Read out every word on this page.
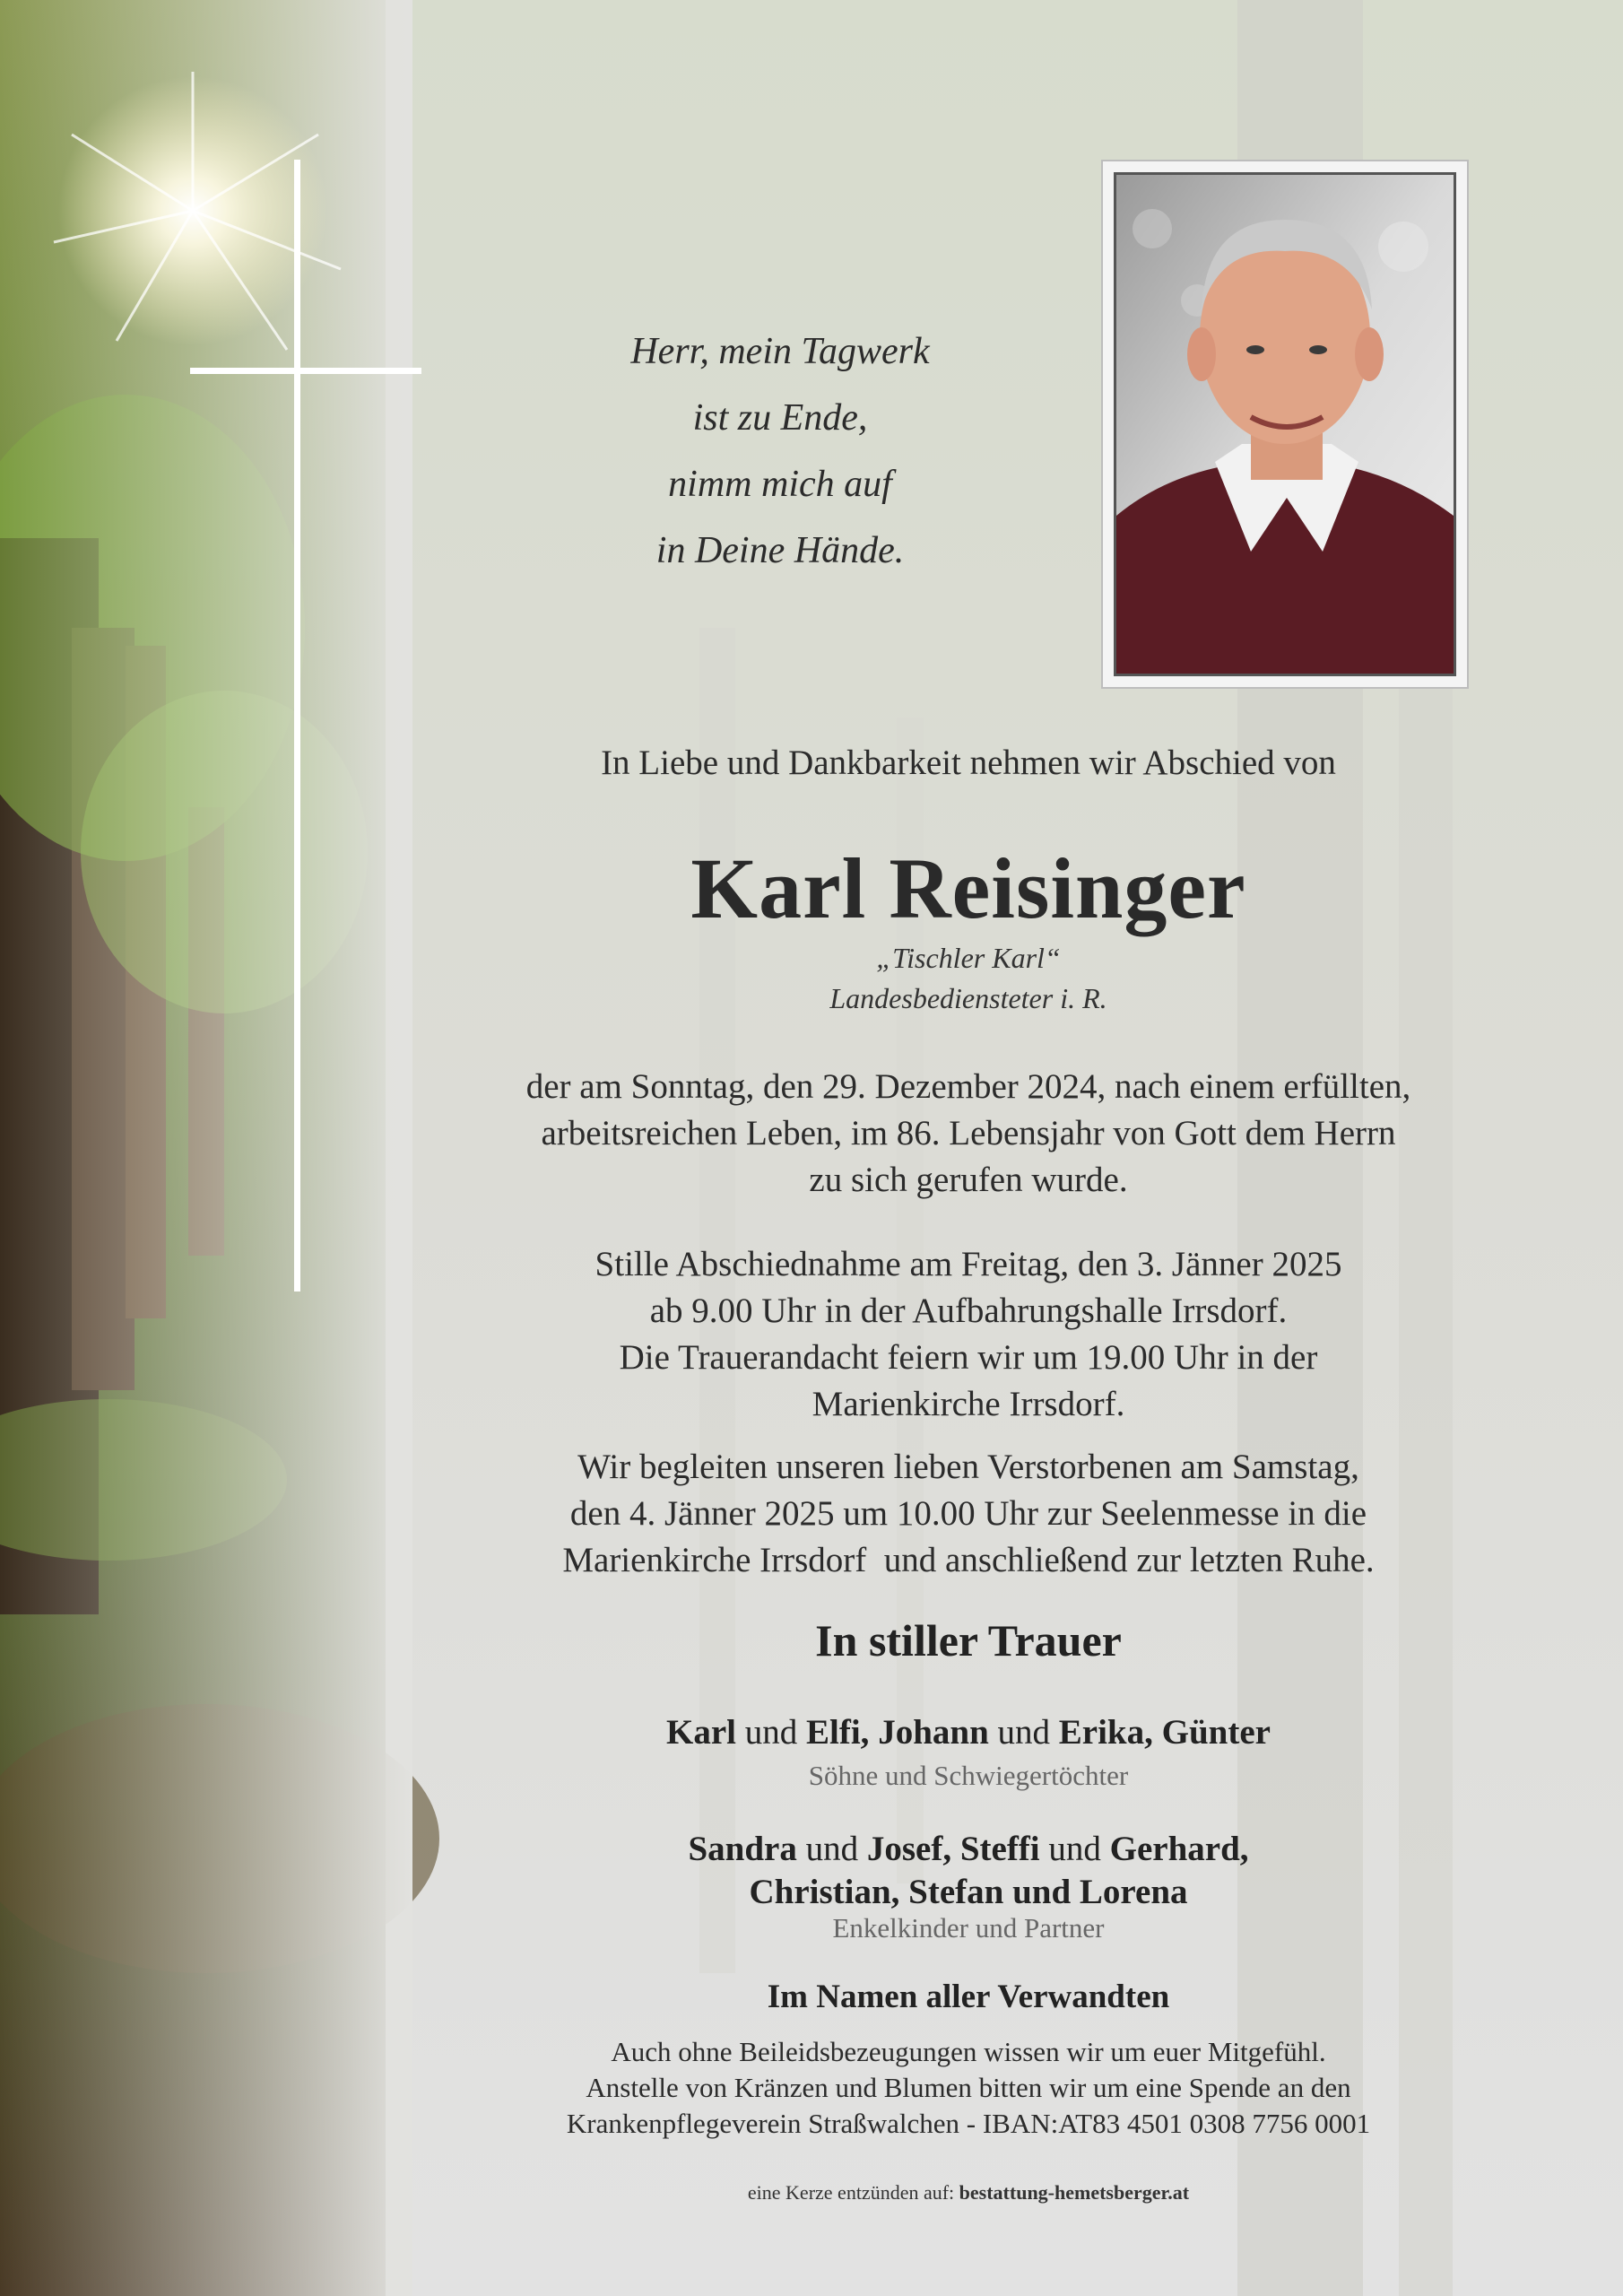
Herr, mein Tagwerk
ist zu Ende,
nimm mich auf
in Deine Hände.
In Liebe und Dankbarkeit nehmen wir Abschied von
Karl Reisinger
„Tischler Karl“
Landesbediensteter i. R.
der am Sonntag, den 29. Dezember 2024, nach einem erfüllten,
arbeitsreichen Leben, im 86. Lebensjahr von Gott dem Herrn
zu sich gerufen wurde.
Stille Abschiednahme am Freitag, den 3. Jänner 2025
ab 9.00 Uhr in der Aufbahrungshalle Irrsdorf.
Die Trauerandacht feiern wir um 19.00 Uhr in der
Marienkirche Irrsdorf.
Wir begleiten unseren lieben Verstorbenen am Samstag,
den 4. Jänner 2025 um 10.00 Uhr zur Seelenmesse in die
Marienkirche Irrsdorf  und anschließend zur letzten Ruhe.
In stiller Trauer
Karl und Elfi, Johann und Erika, Günter
Söhne und Schwiegertöchter
Sandra und Josef, Steffi und Gerhard,
Christian, Stefan und Lorena
Enkelkinder und Partner
Im Namen aller Verwandten
Auch ohne Beileidsbezeugungen wissen wir um euer Mitgefühl.
Anstelle von Kränzen und Blumen bitten wir um eine Spende an den
Krankenpflegeverein Straßwalchen - IBAN:AT83 4501 0308 7756 0001
eine Kerze entzünden auf: bestattung-hemetsberger.at
